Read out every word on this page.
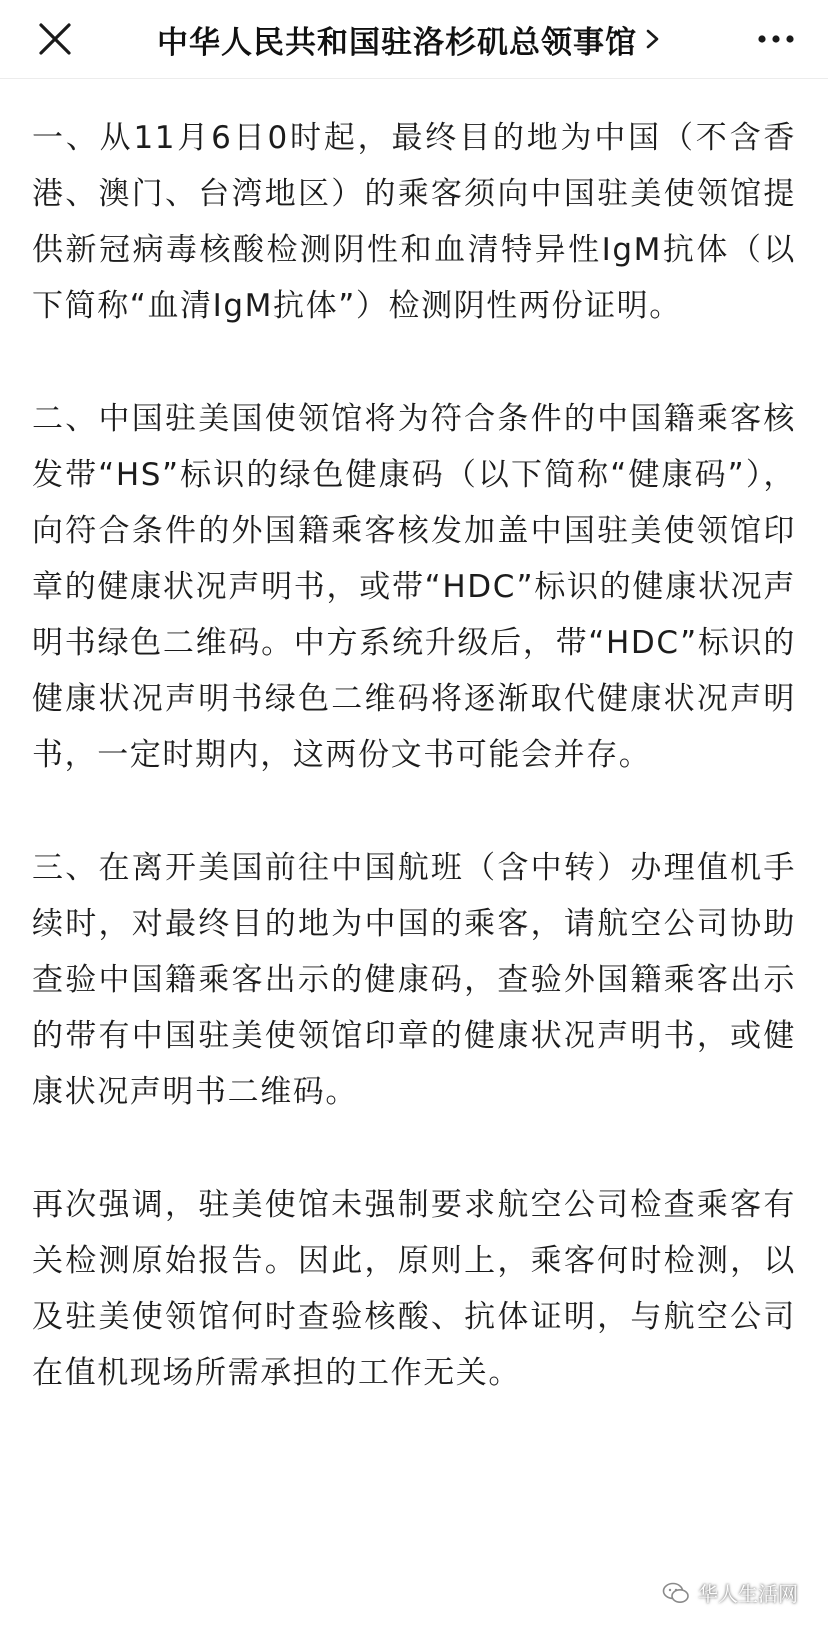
中华人民共和国驻洛杉矶总领事馆

一、从11月6日0时起，最终目的地为中国（不含香港、澳门、台湾地区）的乘客须向中国驻美使领馆提供新冠病毒核酸检测阴性和血清特异性IgM抗体（以下简称“血清IgM抗体”）检测阴性两份证明。

二、中国驻美国使领馆将为符合条件的中国籍乘客核发带“HS”标识的绿色健康码（以下简称“健康码”），向符合条件的外国籍乘客核发加盖中国驻美使领馆印章的健康状况声明书，或带“HDC”标识的健康状况声明书绿色二维码。中方系统升级后，带“HDC”标识的健康状况声明书绿色二维码将逐渐取代健康状况声明书，一定时期内，这两份文书可能会并存。

三、在离开美国前往中国航班（含中转）办理值机手续时，对最终目的地为中国的乘客，请航空公司协助查验中国籍乘客出示的健康码，查验外国籍乘客出示的带有中国驻美使领馆印章的健康状况声明书，或健康状况声明书二维码。

再次强调，驻美使馆未强制要求航空公司检查乘客有关检测原始报告。因此，原则上，乘客何时检测，以及驻美使领馆何时查验核酸、抗体证明，与航空公司在值机现场所需承担的工作无关。

华人生活网
